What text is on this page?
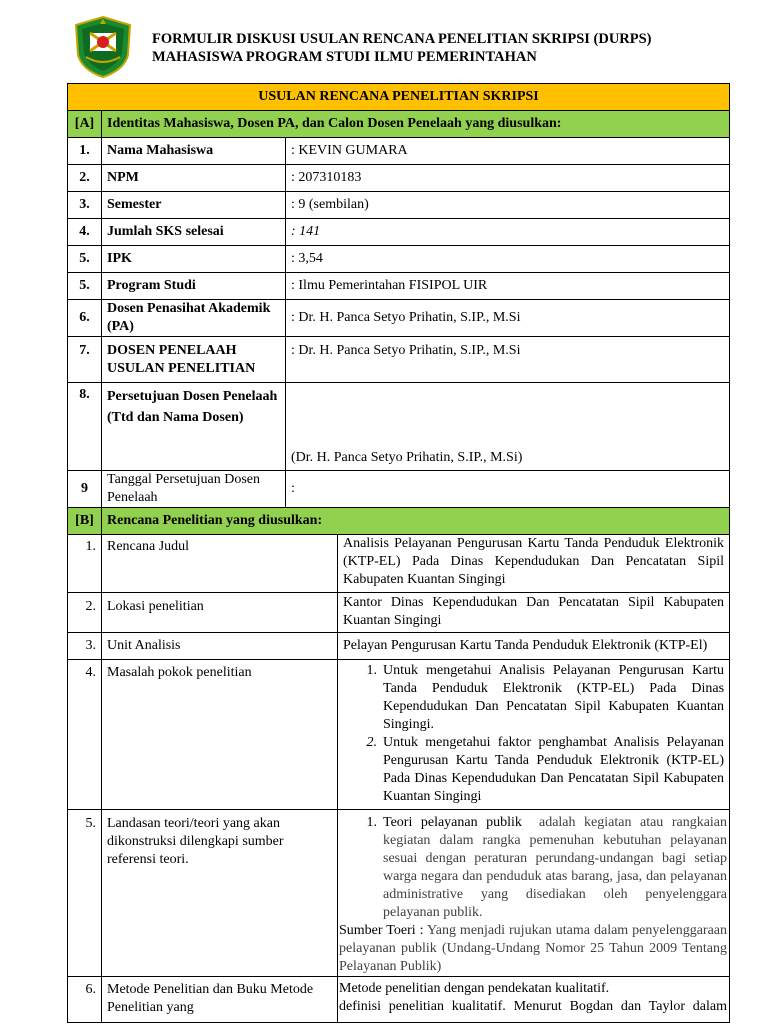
FORMULIR DISKUSI USULAN RENCANA PENELITIAN SKRIPSI (DURPS)
MAHASISWA PROGRAM STUDI ILMU PEMERINTAHAN
USULAN RENCANA PENELITIAN SKRIPSI			
[A]	Identitas Mahasiswa, Dosen PA, dan Calon Dosen Penelaah yang diusulkan:		
1.	Nama Mahasiswa	: KEVIN GUMARA	
2.	NPM	: 207310183	
3.	Semester	: 9 (sembilan)	
4.	Jumlah SKS selesai	: 141	
5.	IPK	: 3,54	
5.	Program Studi	: Ilmu Pemerintahan FISIPOL UIR	
6.	Dosen Penasihat Akademik (PA)	: Dr. H. Panca Setyo Prihatin, S.IP., M.Si	
7.	DOSEN PENELAAH USULAN PENELITIAN	: Dr. H. Panca Setyo Prihatin, S.IP., M.Si	
8.	Persetujuan Dosen Penelaah
(Ttd dan Nama Dosen)	(Dr. H. Panca Setyo Prihatin, S.IP., M.Si)	
9	Tanggal Persetujuan Dosen Penelaah	:	
[B]	Rencana Penelitian yang diusulkan:		
1.	Rencana Judul		Analisis Pelayanan Pengurusan Kartu Tanda Penduduk Elektronik (KTP-EL) Pada Dinas Kependudukan Dan Pencatatan Sipil Kabupaten Kuantan Singingi
2.	Lokasi penelitian		Kantor Dinas Kependudukan Dan Pencatatan Sipil Kabupaten Kuantan Singingi
3.	Unit Analisis		Pelayan Pengurusan Kartu Tanda Penduduk Elektronik (KTP-El)
4.	Masalah pokok penelitian		1. Untuk mengetahui Analisis Pelayanan Pengurusan Kartu Tanda Penduduk Elektronik (KTP-EL) Pada Dinas Kependudukan Dan Pencatatan Sipil Kabupaten Kuantan Singingi.
2. Untuk mengetahui faktor penghambat Analisis Pelayanan Pengurusan Kartu Tanda Penduduk Elektronik (KTP-EL) Pada Dinas Kependudukan Dan Pencatatan Sipil Kabupaten Kuantan Singingi

5.	Landasan teori/teori yang akan dikonstruksi dilengkapi sumber referensi teori.		1. Teori pelayanan publik adalah kegiatan atau rangkaian kegiatan dalam rangka pemenuhan kebutuhan pelayanan sesuai dengan peraturan perundang-undangan bagi setiap warga negara dan penduduk atas barang, jasa, dan pelayanan administrative yang disediakan oleh penyelenggara pelayanan publik.
Sumber Toeri : Yang menjadi rujukan utama dalam penyelenggaraan pelayanan publik (Undang-Undang Nomor 25 Tahun 2009 Tentang Pelayanan Publik)

6.	Metode Penelitian dan Buku Metode Penelitian yang		Metode penelitian dengan pendekatan kualitatif.
definisi penelitian kualitatif. Menurut Bogdan dan Taylor dalam
